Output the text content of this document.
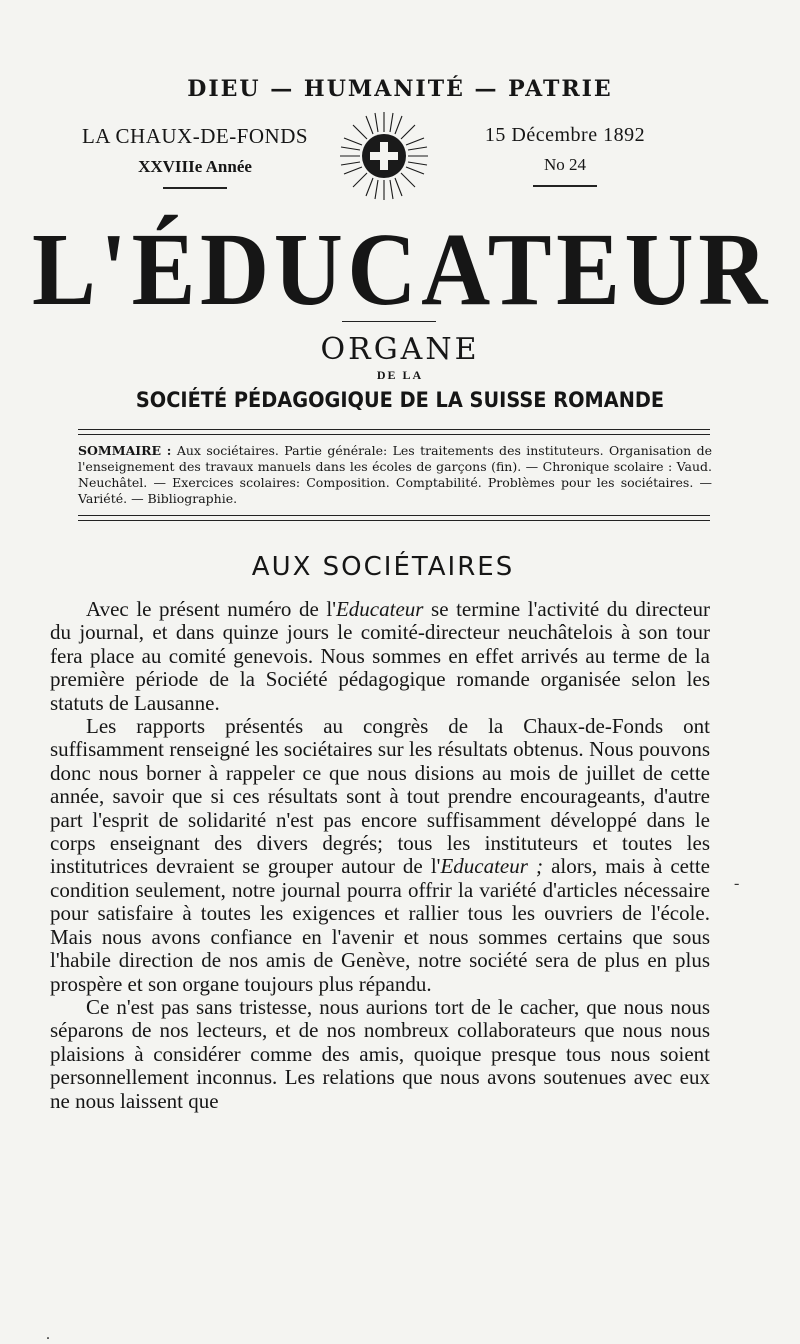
DIEU — HUMANITÉ — PATRIE
LA CHAUX-DE-FONDS
XXVIIIe Année
15 Décembre 1892
No 24
L'ÉDUCATEUR
ORGANE
DE LA
SOCIÉTÉ PÉDAGOGIQUE DE LA SUISSE ROMANDE
SOMMAIRE : Aux sociétaires. Partie générale: Les traitements des instituteurs. Organisation de l'enseignement des travaux manuels dans les écoles de garçons (fin). — Chronique scolaire : Vaud. Neuchâtel. — Exercices scolaires: Composition. Comptabilité. Problèmes pour les sociétaires. — Variété. — Bibliographie.
AUX SOCIÉTAIRES

Avec le présent numéro de l'Educateur se termine l'activité du directeur du journal, et dans quinze jours le comité-directeur neuchâtelois à son tour fera place au comité genevois. Nous sommes en effet arrivés au terme de la première période de la Société pédagogique romande organisée selon les statuts de Lausanne.

Les rapports présentés au congrès de la Chaux-de-Fonds ont suffisamment renseigné les sociétaires sur les résultats obtenus. Nous pouvons donc nous borner à rappeler ce que nous disions au mois de juillet de cette année, savoir que si ces résultats sont à tout prendre encourageants, d'autre part l'esprit de solidarité n'est pas encore suffisamment développé dans le corps enseignant des divers degrés; tous les instituteurs et toutes les institutrices devraient se grouper autour de l'Educateur ; alors, mais à cette condition seulement, notre journal pourra offrir la variété d'articles nécessaire pour satisfaire à toutes les exigences et rallier tous les ouvriers de l'école. Mais nous avons confiance en l'avenir et nous sommes certains que sous l'habile direction de nos amis de Genève, notre société sera de plus en plus prospère et son organe toujours plus répandu.

Ce n'est pas sans tristesse, nous aurions tort de le cacher, que nous nous séparons de nos lecteurs, et de nos nombreux collaborateurs que nous nous plaisions à considérer comme des amis, quoique presque tous nous soient personnellement inconnus. Les relations que nous avons soutenues avec eux ne nous laissent que

-
.
